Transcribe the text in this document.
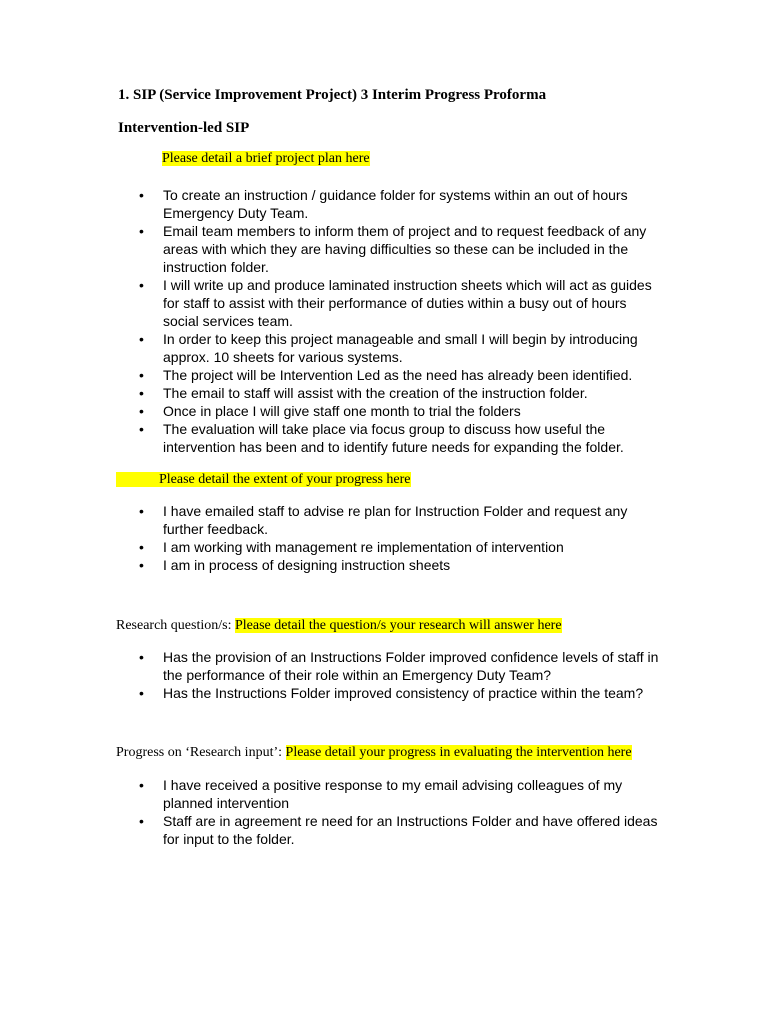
1. SIP (Service Improvement Project) 3 Interim Progress Proforma
Intervention-led SIP
Please detail a brief project plan here
• To create an instruction / guidance folder for systems within an out of hours Emergency Duty Team.
• Email team members to inform them of project and to request feedback of any areas with which they are having difficulties so these can be included in the instruction folder.
• I will write up and produce laminated instruction sheets which will act as guides for staff to assist with their performance of duties within a busy out of hours social services team.
• In order to keep this project manageable and small I will begin by introducing approx. 10 sheets for various systems.
• The project will be Intervention Led as the need has already been identified.
• The email to staff will assist with the creation of the instruction folder.
• Once in place I will give staff one month to trial the folders
• The evaluation will take place via focus group to discuss how useful the intervention has been and to identify future needs for expanding the folder.
Please detail the extent of your progress here
• I have emailed staff to advise re plan for Instruction Folder and request any further feedback.
• I am working with management re implementation of intervention
• I am in process of designing instruction sheets
Research question/s: Please detail the question/s your research will answer here
• Has the provision of an Instructions Folder improved confidence levels of staff in the performance of their role within an Emergency Duty Team?
• Has the Instructions Folder improved consistency of practice within the team?
Progress on ‘Research input’: Please detail your progress in evaluating the intervention here
• I have received a positive response to my email advising colleagues of my planned intervention
• Staff are in agreement re need for an Instructions Folder and have offered ideas for input to the folder.
